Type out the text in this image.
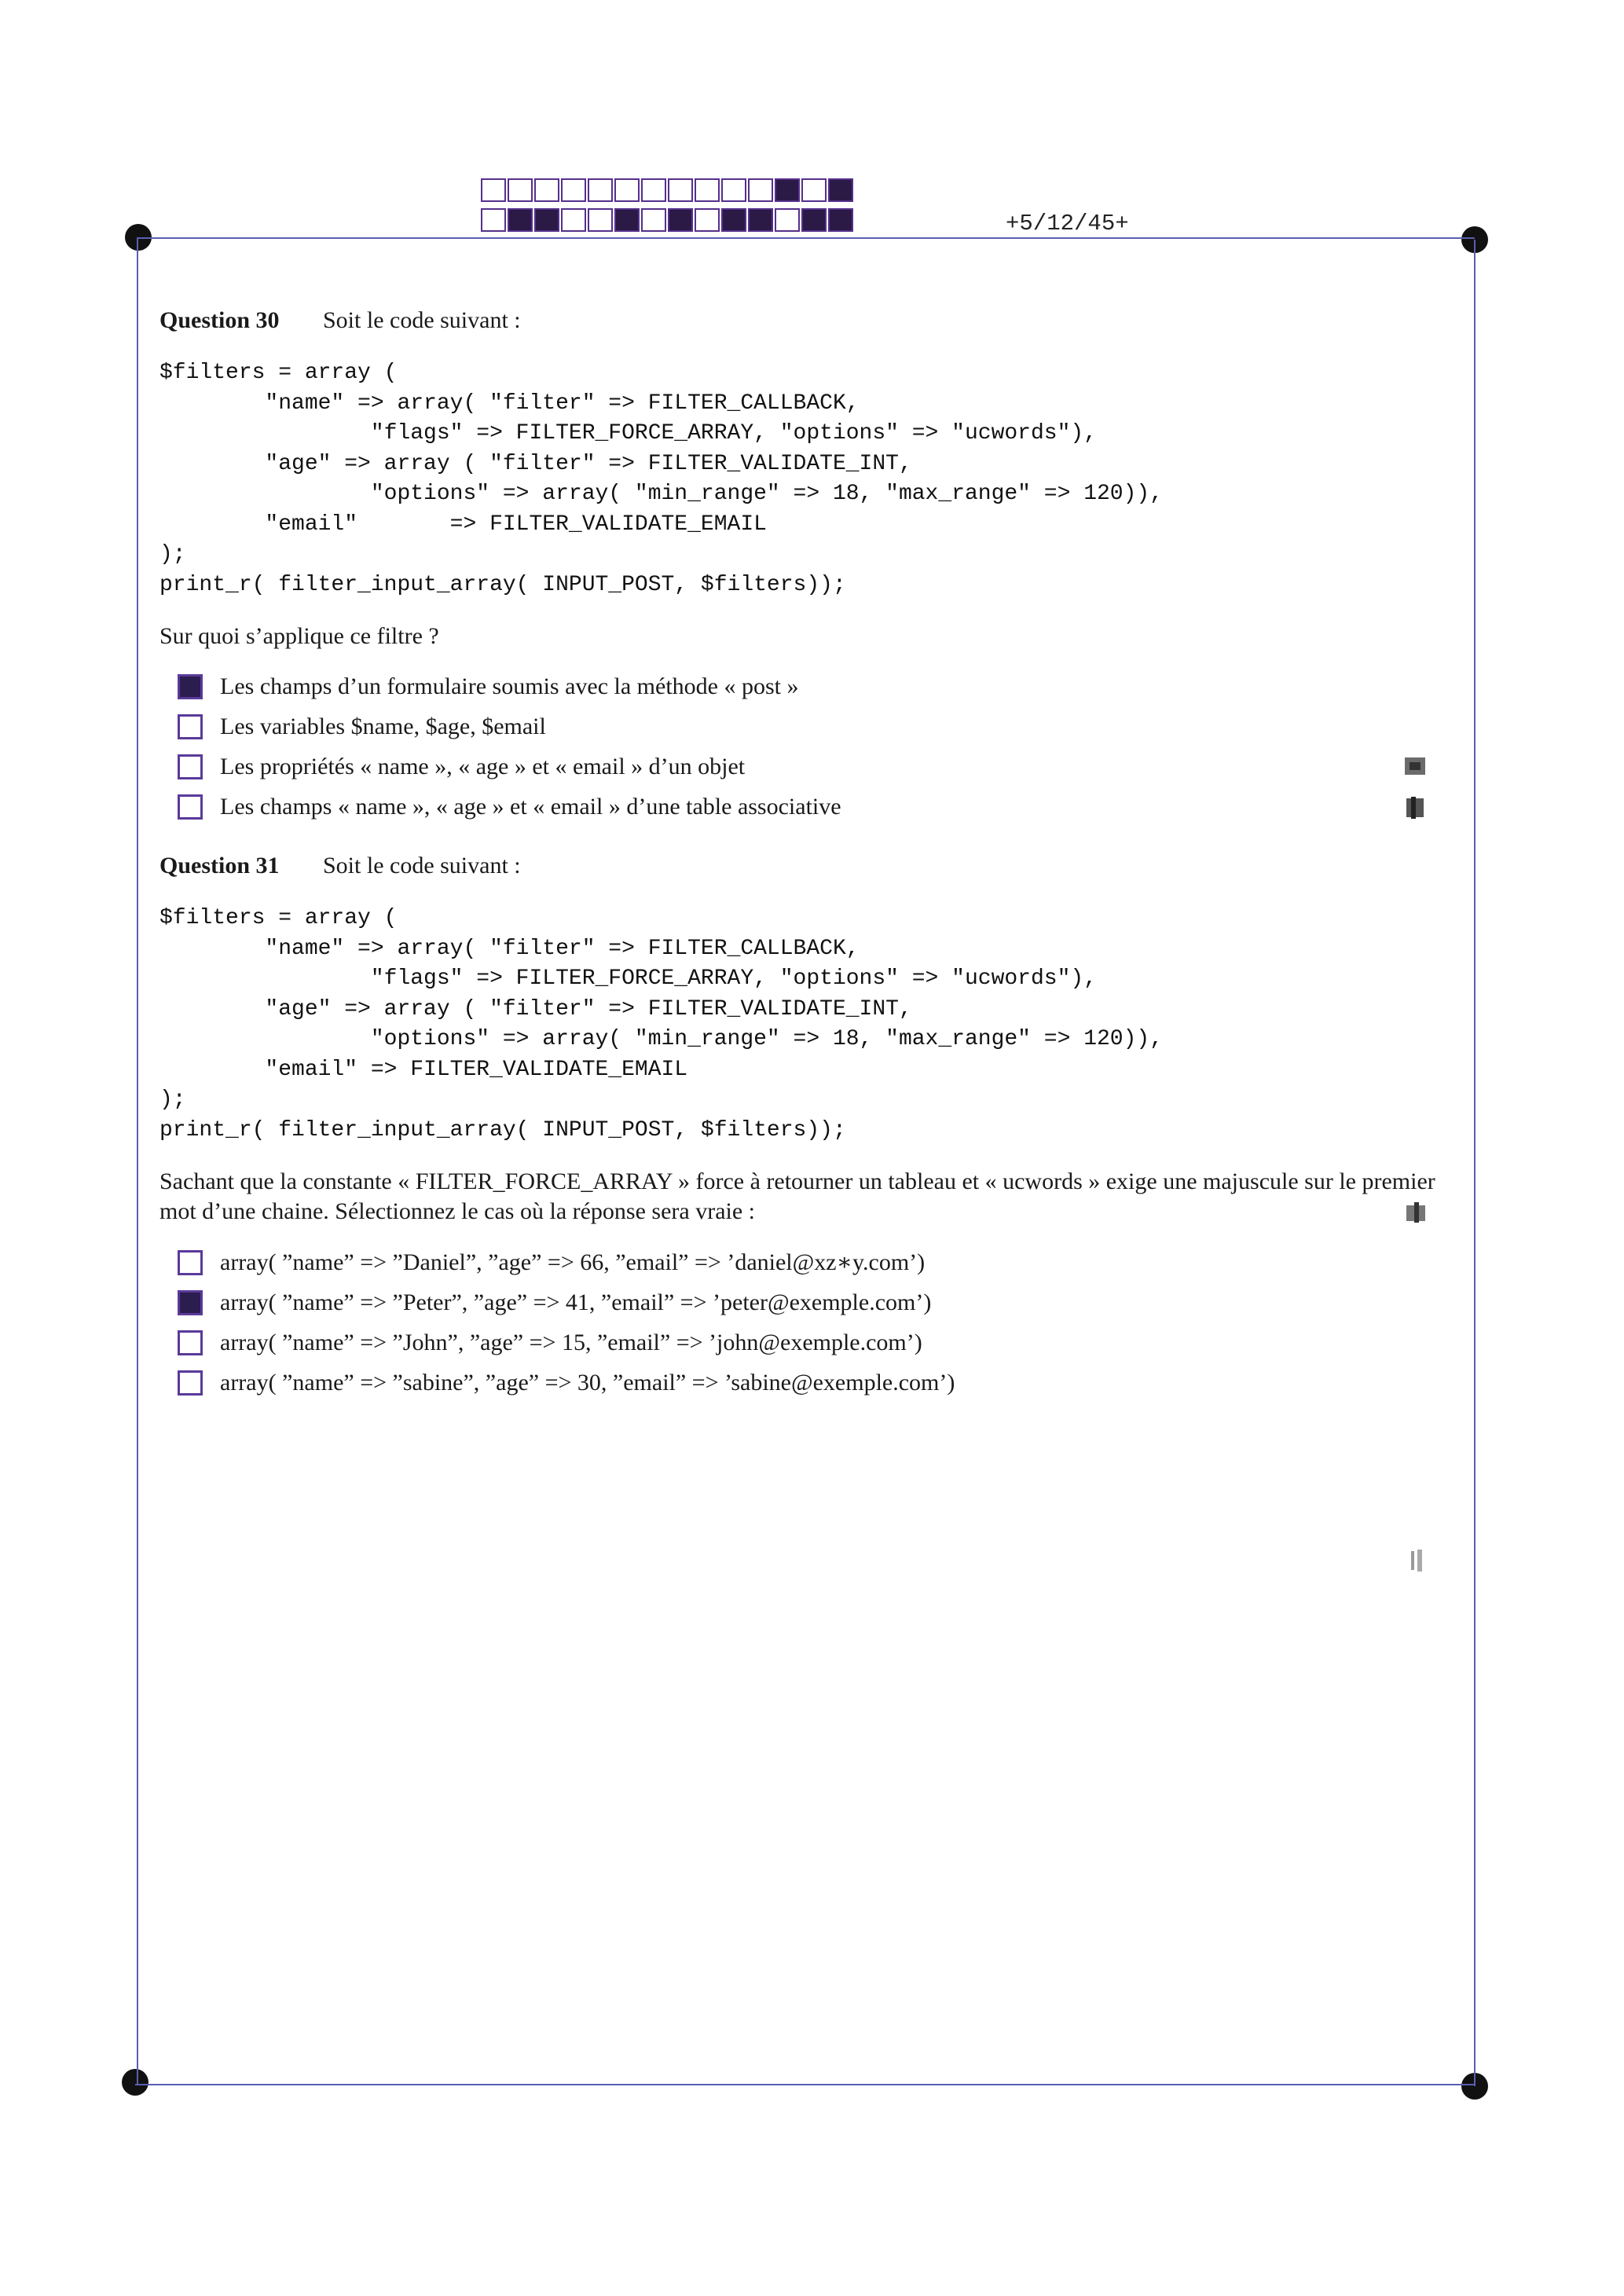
+5/12/45+
Question 30 Soit le code suivant :
$filters = array (
"name" => array( "filter" => FILTER_CALLBACK,
"flags" => FILTER_FORCE_ARRAY, "options" => "ucwords"),
"age" => array ( "filter" => FILTER_VALIDATE_INT,
"options" => array( "min_range" => 18, "max_range" => 120)),
"email"       => FILTER_VALIDATE_EMAIL
);
print_r( filter_input_array( INPUT_POST, $filters));
Sur quoi s’applique ce filtre ?
Les champs d’un formulaire soumis avec la méthode « post »
Les variables $name, $age, $email
Les propriétés « name », « age » et « email » d’un objet
Les champs « name », « age » et « email » d’une table associative
Question 31 Soit le code suivant :
$filters = array (
"name" => array( "filter" => FILTER_CALLBACK,
"flags" => FILTER_FORCE_ARRAY, "options" => "ucwords"),
"age" => array ( "filter" => FILTER_VALIDATE_INT,
"options" => array( "min_range" => 18, "max_range" => 120)),
"email" => FILTER_VALIDATE_EMAIL
);
print_r( filter_input_array( INPUT_POST, $filters));
Sachant que la constante « FILTER_FORCE_ARRAY » force à retourner un tableau et « ucwords » exige une majuscule sur le premier mot d’une chaine. Sélectionnez le cas où la réponse sera vraie :
array( ”name” => ”Daniel”, ”age” => 66, ”email” => ’daniel@xz∗y.com’)
array( ”name” => ”Peter”, ”age” => 41, ”email” => ’peter@exemple.com’)
array( ”name” => ”John”, ”age” => 15, ”email” => ’john@exemple.com’)
array( ”name” => ”sabine”, ”age” => 30, ”email” => ’sabine@exemple.com’)
